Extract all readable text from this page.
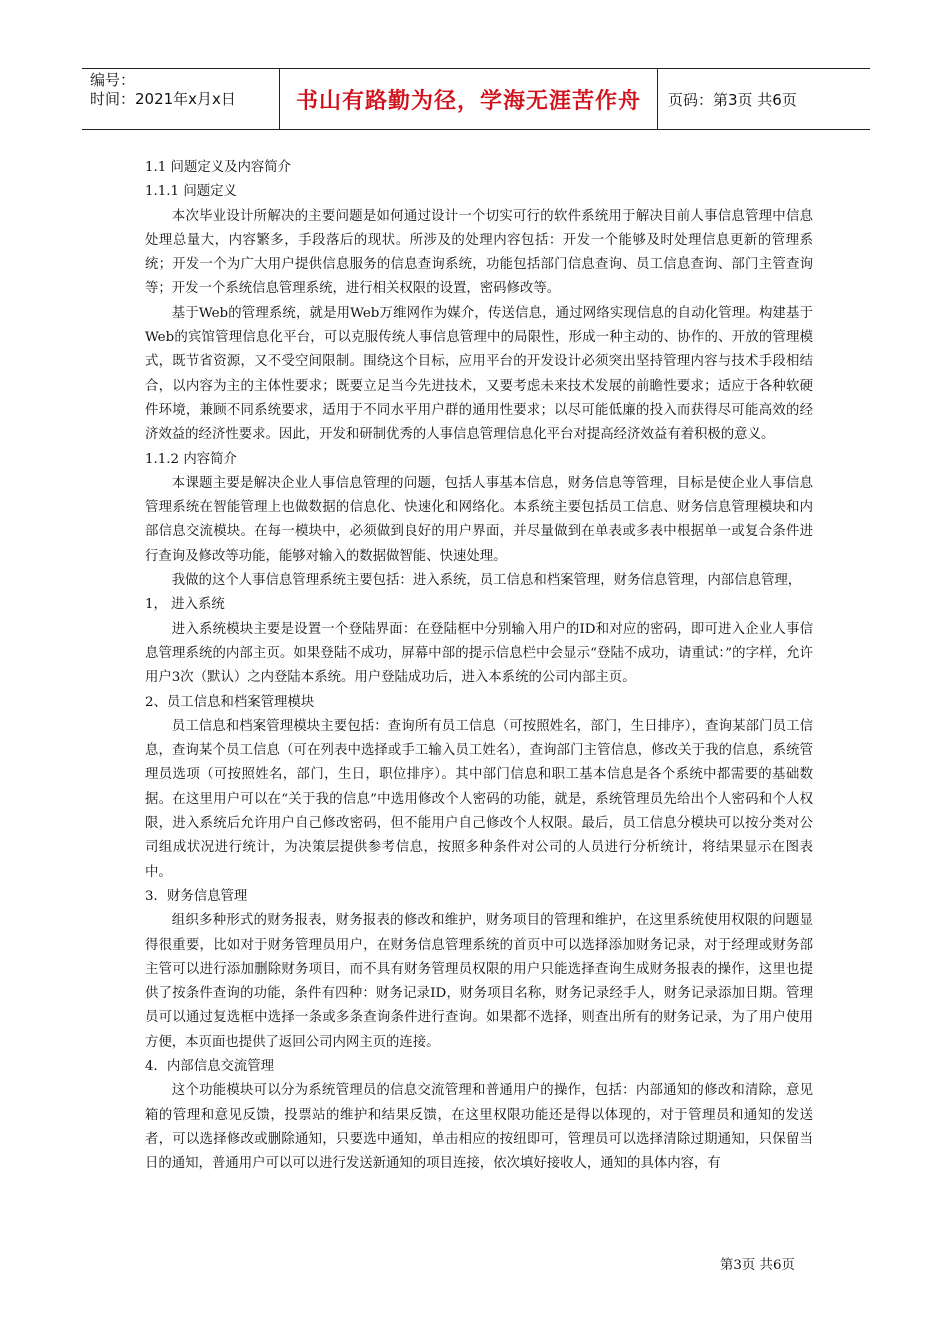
编号：
时间：2021年x月x日	书山有路勤为径，学海无涯苦作舟	页码：第3页 共6页

1.1 问题定义及内容简介

1.1.1 问题定义

本次毕业设计所解决的主要问题是如何通过设计一个切实可行的软件系统用于解决目前人事信息管理中信息处理总量大，内容繁多，手段落后的现状。所涉及的处理内容包括：开发一个能够及时处理信息更新的管理系统；开发一个为广大用户提供信息服务的信息查询系统，功能包括部门信息查询、员工信息查询、部门主管查询等；开发一个系统信息管理系统，进行相关权限的设置，密码修改等。

基于Web的管理系统，就是用Web万维网作为媒介，传送信息，通过网络实现信息的自动化管理。构建基于Web的宾馆管理信息化平台，可以克服传统人事信息管理中的局限性，形成一种主动的、协作的、开放的管理模式，既节省资源，又不受空间限制。围绕这个目标，应用平台的开发设计必须突出坚持管理内容与技术手段相结合，以内容为主的主体性要求；既要立足当今先进技术，又要考虑未来技术发展的前瞻性要求；适应于各种软硬件环境，兼顾不同系统要求，适用于不同水平用户群的通用性要求；以尽可能低廉的投入而获得尽可能高效的经济效益的经济性要求。因此，开发和研制优秀的人事信息管理信息化平台对提高经济效益有着积极的意义。

1.1.2 内容简介

本课题主要是解决企业人事信息管理的问题，包括人事基本信息，财务信息等管理，目标是使企业人事信息管理系统在智能管理上也做数据的信息化、快速化和网络化。本系统主要包括员工信息、财务信息管理模块和内部信息交流模块。在每一模块中，必须做到良好的用户界面，并尽量做到在单表或多表中根据单一或复合条件进行查询及修改等功能，能够对输入的数据做智能、快速处理。

我做的这个人事信息管理系统主要包括：进入系统，员工信息和档案管理，财务信息管理，内部信息管理，

1， 进入系统

进入系统模块主要是设置一个登陆界面：在登陆框中分别输入用户的ID和对应的密码，即可进入企业人事信息管理系统的内部主页。如果登陆不成功，屏幕中部的提示信息栏中会显示“登陆不成功，请重试：”的字样，允许用户3次（默认）之内登陆本系统。用户登陆成功后，进入本系统的公司内部主页。

2、员工信息和档案管理模块

员工信息和档案管理模块主要包括：查询所有员工信息（可按照姓名，部门，生日排序），查询某部门员工信息，查询某个员工信息（可在列表中选择或手工输入员工姓名），查询部门主管信息，修改关于我的信息，系统管理员选项（可按照姓名，部门，生日，职位排序）。其中部门信息和职工基本信息是各个系统中都需要的基础数据。在这里用户可以在“关于我的信息”中选用修改个人密码的功能，就是，系统管理员先给出个人密码和个人权限，进入系统后允许用户自己修改密码，但不能用户自己修改个人权限。最后，员工信息分模块可以按分类对公司组成状况进行统计，为决策层提供参考信息，按照多种条件对公司的人员进行分析统计，将结果显示在图表中。

3．财务信息管理

组织多种形式的财务报表，财务报表的修改和维护，财务项目的管理和维护，在这里系统使用权限的问题显得很重要，比如对于财务管理员用户，在财务信息管理系统的首页中可以选择添加财务记录，对于经理或财务部主管可以进行添加删除财务项目，而不具有财务管理员权限的用户只能选择查询生成财务报表的操作，这里也提供了按条件查询的功能，条件有四种：财务记录ID，财务项目名称，财务记录经手人，财务记录添加日期。管理员可以通过复选框中选择一条或多条查询条件进行查询。如果都不选择，则查出所有的财务记录，为了用户使用方便，本页面也提供了返回公司内网主页的连接。

4．内部信息交流管理

这个功能模块可以分为系统管理员的信息交流管理和普通用户的操作，包括：内部通知的修改和清除，意见箱的管理和意见反馈，投票站的维护和结果反馈，在这里权限功能还是得以体现的，对于管理员和通知的发送者，可以选择修改或删除通知，只要选中通知，单击相应的按纽即可，管理员可以选择清除过期通知，只保留当日的通知，普通用户可以可以进行发送新通知的项目连接，依次填好接收人，通知的具体内容，有

第3页 共6页
